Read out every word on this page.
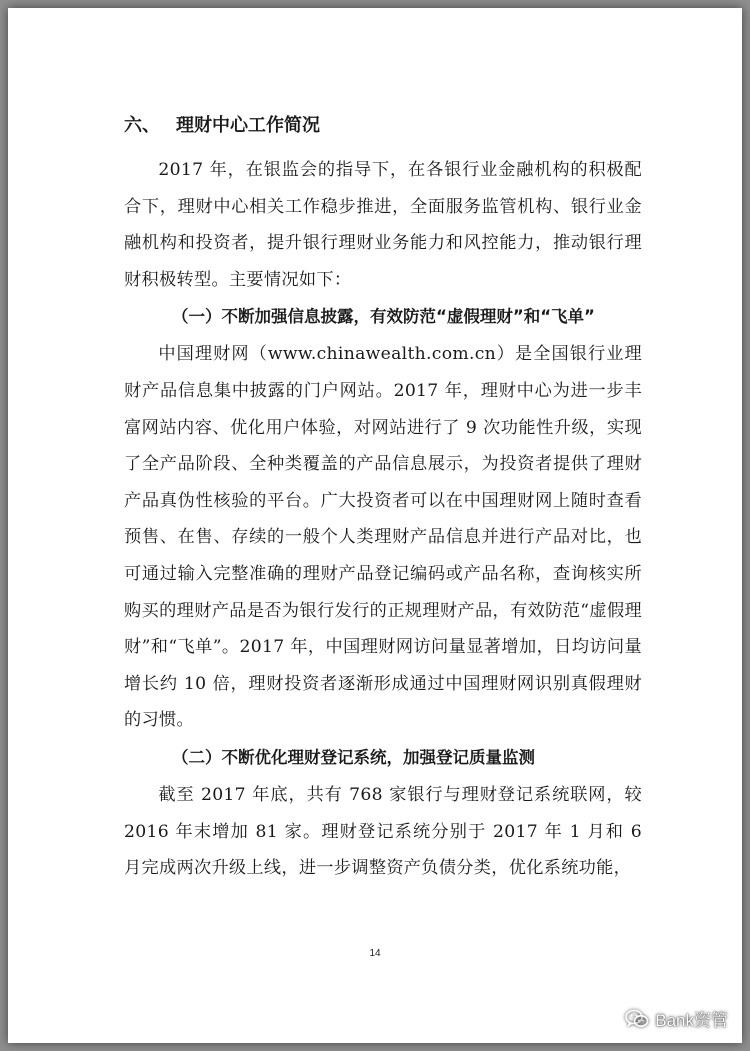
六、 理财中心工作简况

2017 年，在银监会的指导下，在各银行业金融机构的积极配合下，理财中心相关工作稳步推进，全面服务监管机构、银行业金融机构和投资者，提升银行理财业务能力和风控能力，推动银行理财积极转型。主要情况如下：

（一）不断加强信息披露，有效防范“虚假理财”和“飞单”

中国理财网（www.chinawealth.com.cn）是全国银行业理财产品信息集中披露的门户网站。2017 年，理财中心为进一步丰富网站内容、优化用户体验，对网站进行了 9 次功能性升级，实现了全产品阶段、全种类覆盖的产品信息展示，为投资者提供了理财产品真伪性核验的平台。广大投资者可以在中国理财网上随时查看预售、在售、存续的一般个人类理财产品信息并进行产品对比，也可通过输入完整准确的理财产品登记编码或产品名称，查询核实所购买的理财产品是否为银行发行的正规理财产品，有效防范“虚假理财”和“飞单”。2017 年，中国理财网访问量显著增加，日均访问量增长约 10 倍，理财投资者逐渐形成通过中国理财网识别真假理财的习惯。

（二）不断优化理财登记系统，加强登记质量监测

截至 2017 年底，共有 768 家银行与理财登记系统联网，较 2016 年末增加 81 家。理财登记系统分别于 2017 年 1 月和 6 月完成两次升级上线，进一步调整资产负债分类，优化系统功能，

14
Bank资管
